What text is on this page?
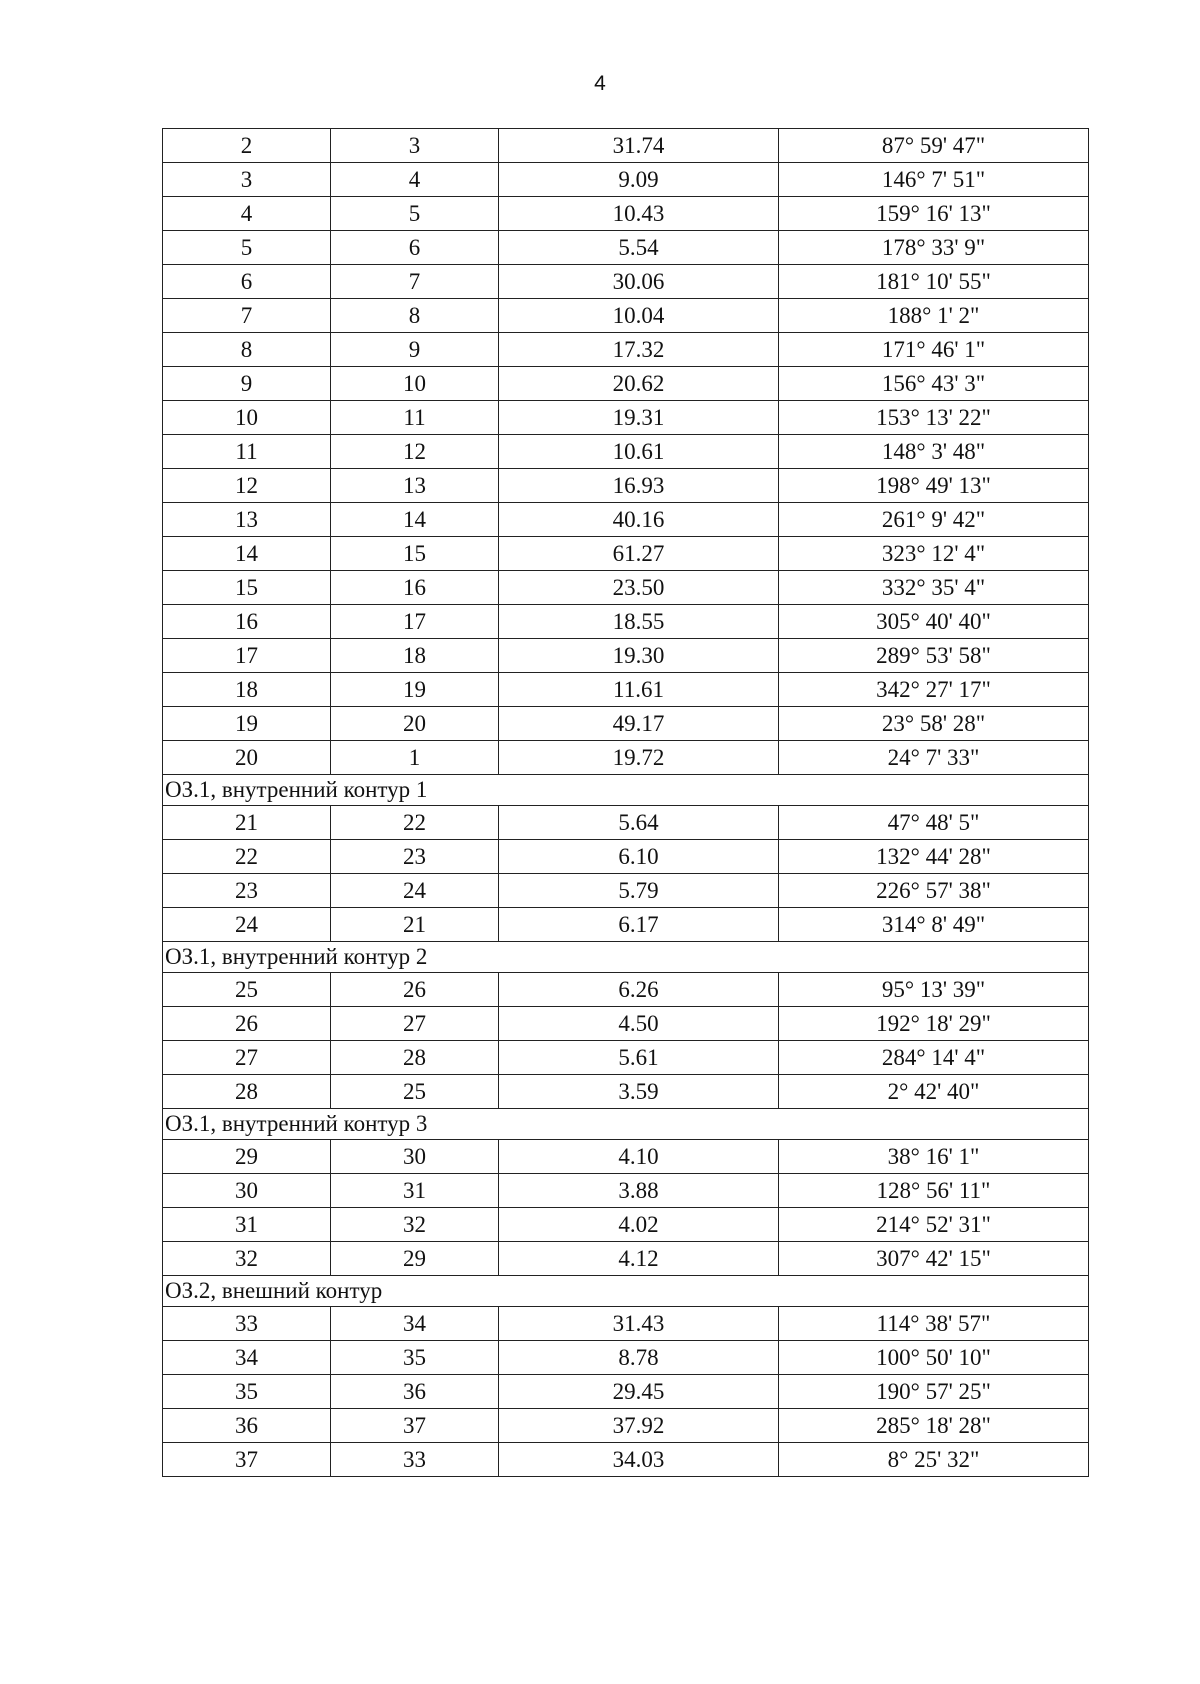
4
2	3	31.74	87° 59' 47"
3	4	9.09	146° 7' 51"
4	5	10.43	159° 16' 13"
5	6	5.54	178° 33' 9"
6	7	30.06	181° 10' 55"
7	8	10.04	188° 1' 2"
8	9	17.32	171° 46' 1"
9	10	20.62	156° 43' 3"
10	11	19.31	153° 13' 22"
11	12	10.61	148° 3' 48"
12	13	16.93	198° 49' 13"
13	14	40.16	261° 9' 42"
14	15	61.27	323° 12' 4"
15	16	23.50	332° 35' 4"
16	17	18.55	305° 40' 40"
17	18	19.30	289° 53' 58"
18	19	11.61	342° 27' 17"
19	20	49.17	23° 58' 28"
20	1	19.72	24° 7' 33"
ОЗ.1, внутренний контур 1			
21	22	5.64	47° 48' 5"
22	23	6.10	132° 44' 28"
23	24	5.79	226° 57' 38"
24	21	6.17	314° 8' 49"
ОЗ.1, внутренний контур 2			
25	26	6.26	95° 13' 39"
26	27	4.50	192° 18' 29"
27	28	5.61	284° 14' 4"
28	25	3.59	2° 42' 40"
ОЗ.1, внутренний контур 3			
29	30	4.10	38° 16' 1"
30	31	3.88	128° 56' 11"
31	32	4.02	214° 52' 31"
32	29	4.12	307° 42' 15"
ОЗ.2, внешний контур			
33	34	31.43	114° 38' 57"
34	35	8.78	100° 50' 10"
35	36	29.45	190° 57' 25"
36	37	37.92	285° 18' 28"
37	33	34.03	8° 25' 32"
